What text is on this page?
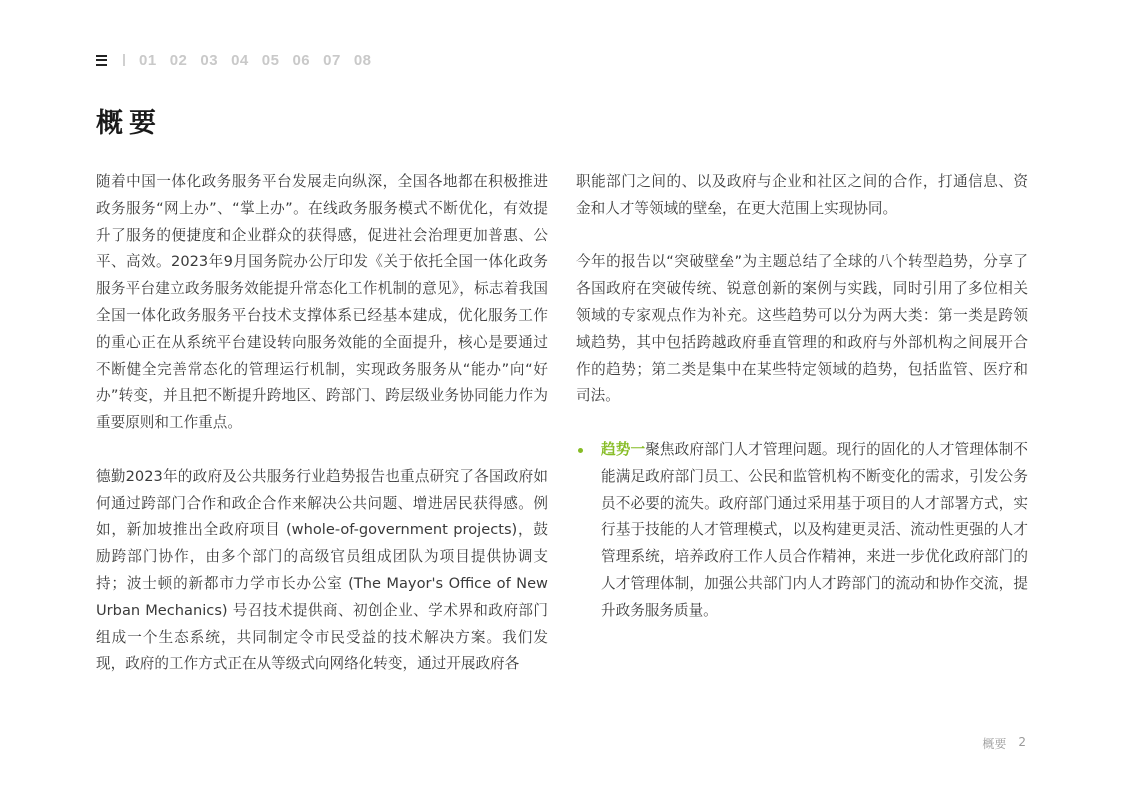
01 02 03 04 05 06 07 08
概要

随着中国一体化政务服务平台发展走向纵深，全国各地都在积极推进政务服务“网上办”、“掌上办”。在线政务服务模式不断优化，有效提升了服务的便捷度和企业群众的获得感，促进社会治理更加普惠、公平、高效。2023年9月国务院办公厅印发《关于依托全国一体化政务服务平台建立政务服务效能提升常态化工作机制的意见》，标志着我国全国一体化政务服务平台技术支撑体系已经基本建成，优化服务工作的重心正在从系统平台建设转向服务效能的全面提升，核心是要通过不断健全完善常态化的管理运行机制，实现政务服务从“能办”向“好办”转变，并且把不断提升跨地区、跨部门、跨层级业务协同能力作为重要原则和工作重点。

德勤2023年的政府及公共服务行业趋势报告也重点研究了各国政府如何通过跨部门合作和政企合作来解决公共问题、增进居民获得感。例如，新加坡推出全政府项目 (whole-of-government projects)，鼓励跨部门协作，由多个部门的高级官员组成团队为项目提供协调支持；波士顿的新都市力学市长办公室 (The Mayor's Office of New Urban Mechanics) 号召技术提供商、初创企业、学术界和政府部门组成一个生态系统，共同制定令市民受益的技术解决方案。我们发现，政府的工作方式正在从等级式向网络化转变，通过开展政府各

职能部门之间的、以及政府与企业和社区之间的合作，打通信息、资金和人才等领域的壁垒，在更大范围上实现协同。

今年的报告以“突破壁垒”为主题总结了全球的八个转型趋势，分享了各国政府在突破传统、锐意创新的案例与实践，同时引用了多位相关领域的专家观点作为补充。这些趋势可以分为两大类：第一类是跨领域趋势，其中包括跨越政府垂直管理的和政府与外部机构之间展开合作的趋势；第二类是集中在某些特定领域的趋势，包括监管、医疗和司法。

趋势一聚焦政府部门人才管理问题。现行的固化的人才管理体制不能满足政府部门员工、公民和监管机构不断变化的需求，引发公务员不必要的流失。政府部门通过采用基于项目的人才部署方式，实行基于技能的人才管理模式，以及构建更灵活、流动性更强的人才管理系统，培养政府工作人员合作精神，来进一步优化政府部门的人才管理体制，加强公共部门内人才跨部门的流动和协作交流，提升政务服务质量。

概要 2
